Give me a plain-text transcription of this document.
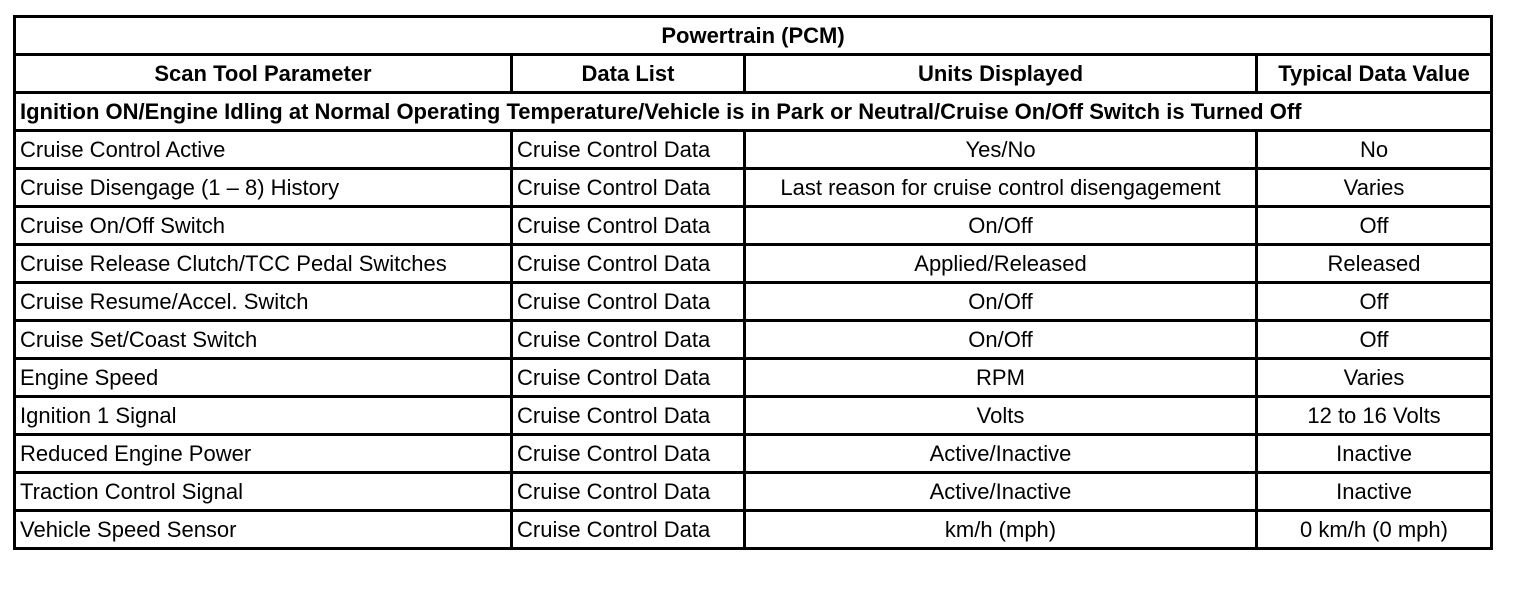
Powertrain (PCM)			
Scan Tool Parameter	Data List	Units Displayed	Typical Data Value
Ignition ON/Engine Idling at Normal Operating Temperature/Vehicle is in Park or Neutral/Cruise On/Off Switch is Turned Off			
Cruise Control Active	Cruise Control Data	Yes/No	No
Cruise Disengage (1 – 8) History	Cruise Control Data	Last reason for cruise control disengagement	Varies
Cruise On/Off Switch	Cruise Control Data	On/Off	Off
Cruise Release Clutch/TCC Pedal Switches	Cruise Control Data	Applied/Released	Released
Cruise Resume/Accel. Switch	Cruise Control Data	On/Off	Off
Cruise Set/Coast Switch	Cruise Control Data	On/Off	Off
Engine Speed	Cruise Control Data	RPM	Varies
Ignition 1 Signal	Cruise Control Data	Volts	12 to 16 Volts
Reduced Engine Power	Cruise Control Data	Active/Inactive	Inactive
Traction Control Signal	Cruise Control Data	Active/Inactive	Inactive
Vehicle Speed Sensor	Cruise Control Data	km/h (mph)	0 km/h (0 mph)
